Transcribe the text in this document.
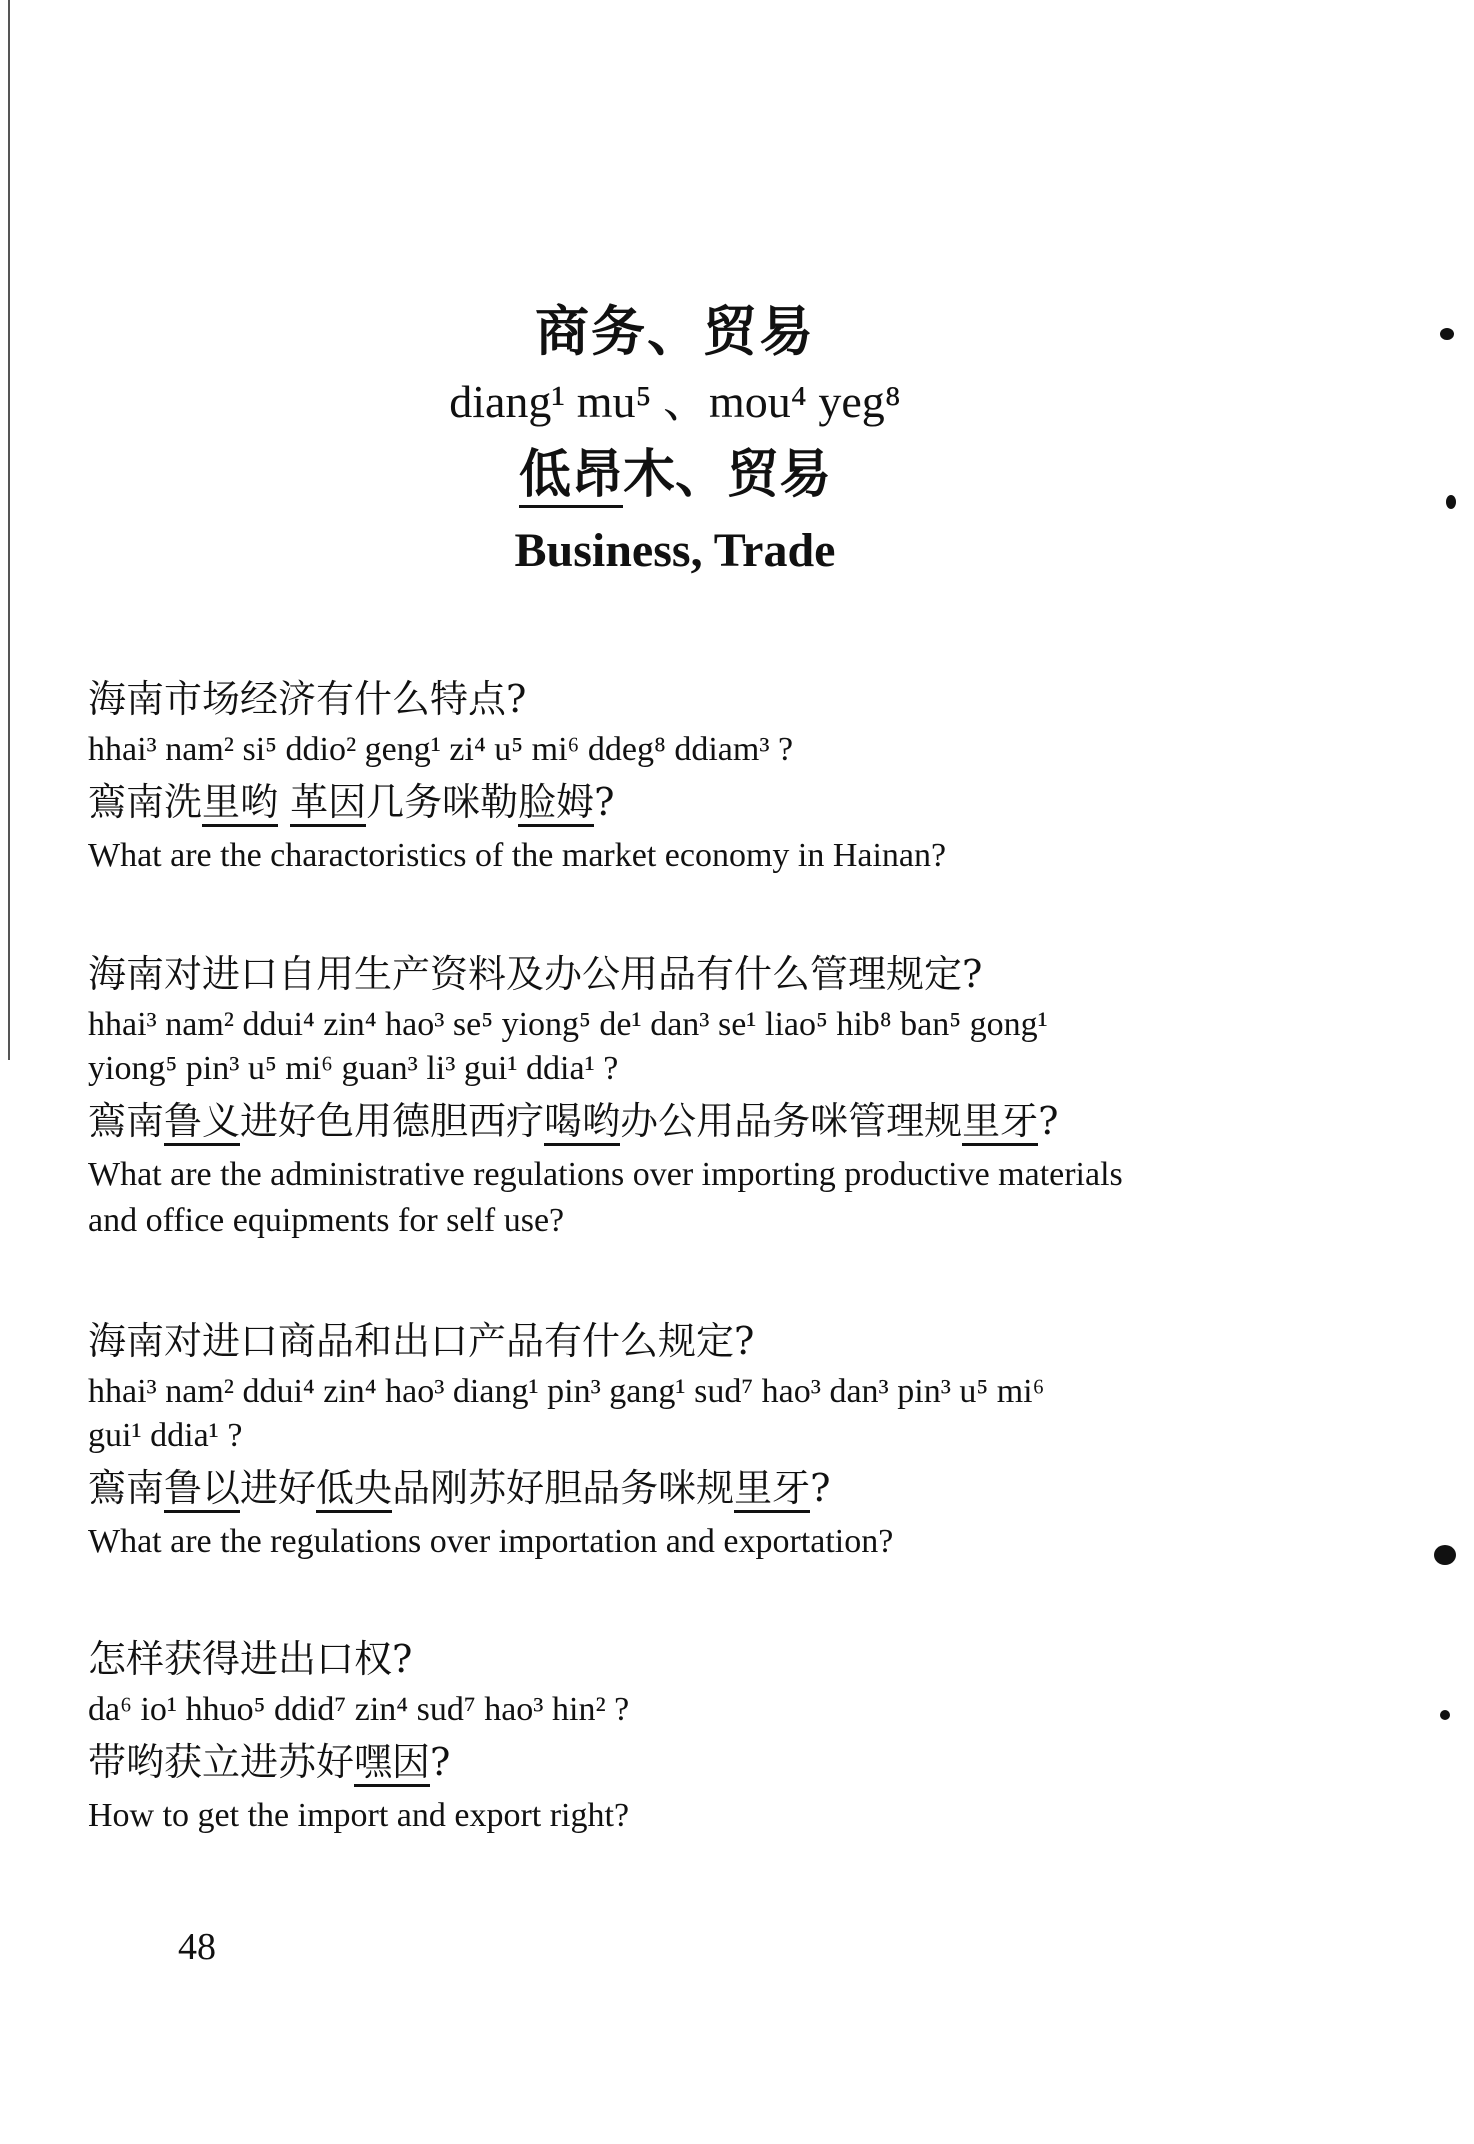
商务、贸易
diang¹ mu⁵ 、mou⁴ yeg⁸
低昂木、贸易
Business, Trade
海南市场经济有什么特点?
hhai³ nam² si⁵ ddio² geng¹ zi⁴ u⁵ mi⁶ ddeg⁸ ddiam³ ?
鵉南洗里哟 革因几务咪勒脸姆?
What are the charactoristics of the market economy in Hainan?
海南对进口自用生产资料及办公用品有什么管理规定?
hhai³ nam² ddui⁴ zin⁴ hao³ se⁵ yiong⁵ de¹ dan³ se¹ liao⁵ hib⁸ ban⁵ gong¹
yiong⁵ pin³ u⁵ mi⁶ guan³ li³ gui¹ ddia¹ ?
鵉南鲁义进好色用德胆西疗喝哟办公用品务咪管理规里牙?
What are the administrative regulations over importing productive materials
and office equipments for self use?
海南对进口商品和出口产品有什么规定?
hhai³ nam² ddui⁴ zin⁴ hao³ diang¹ pin³ gang¹ sud⁷ hao³ dan³ pin³ u⁵ mi⁶
gui¹ ddia¹ ?
鵉南鲁以进好低央品刚苏好胆品务咪规里牙?
What are the regulations over importation and exportation?
怎样获得进出口权?
da⁶ io¹ hhuo⁵ ddid⁷ zin⁴ sud⁷ hao³ hin² ?
带哟获立进苏好嘿因?
How to get the import and export right?
48
